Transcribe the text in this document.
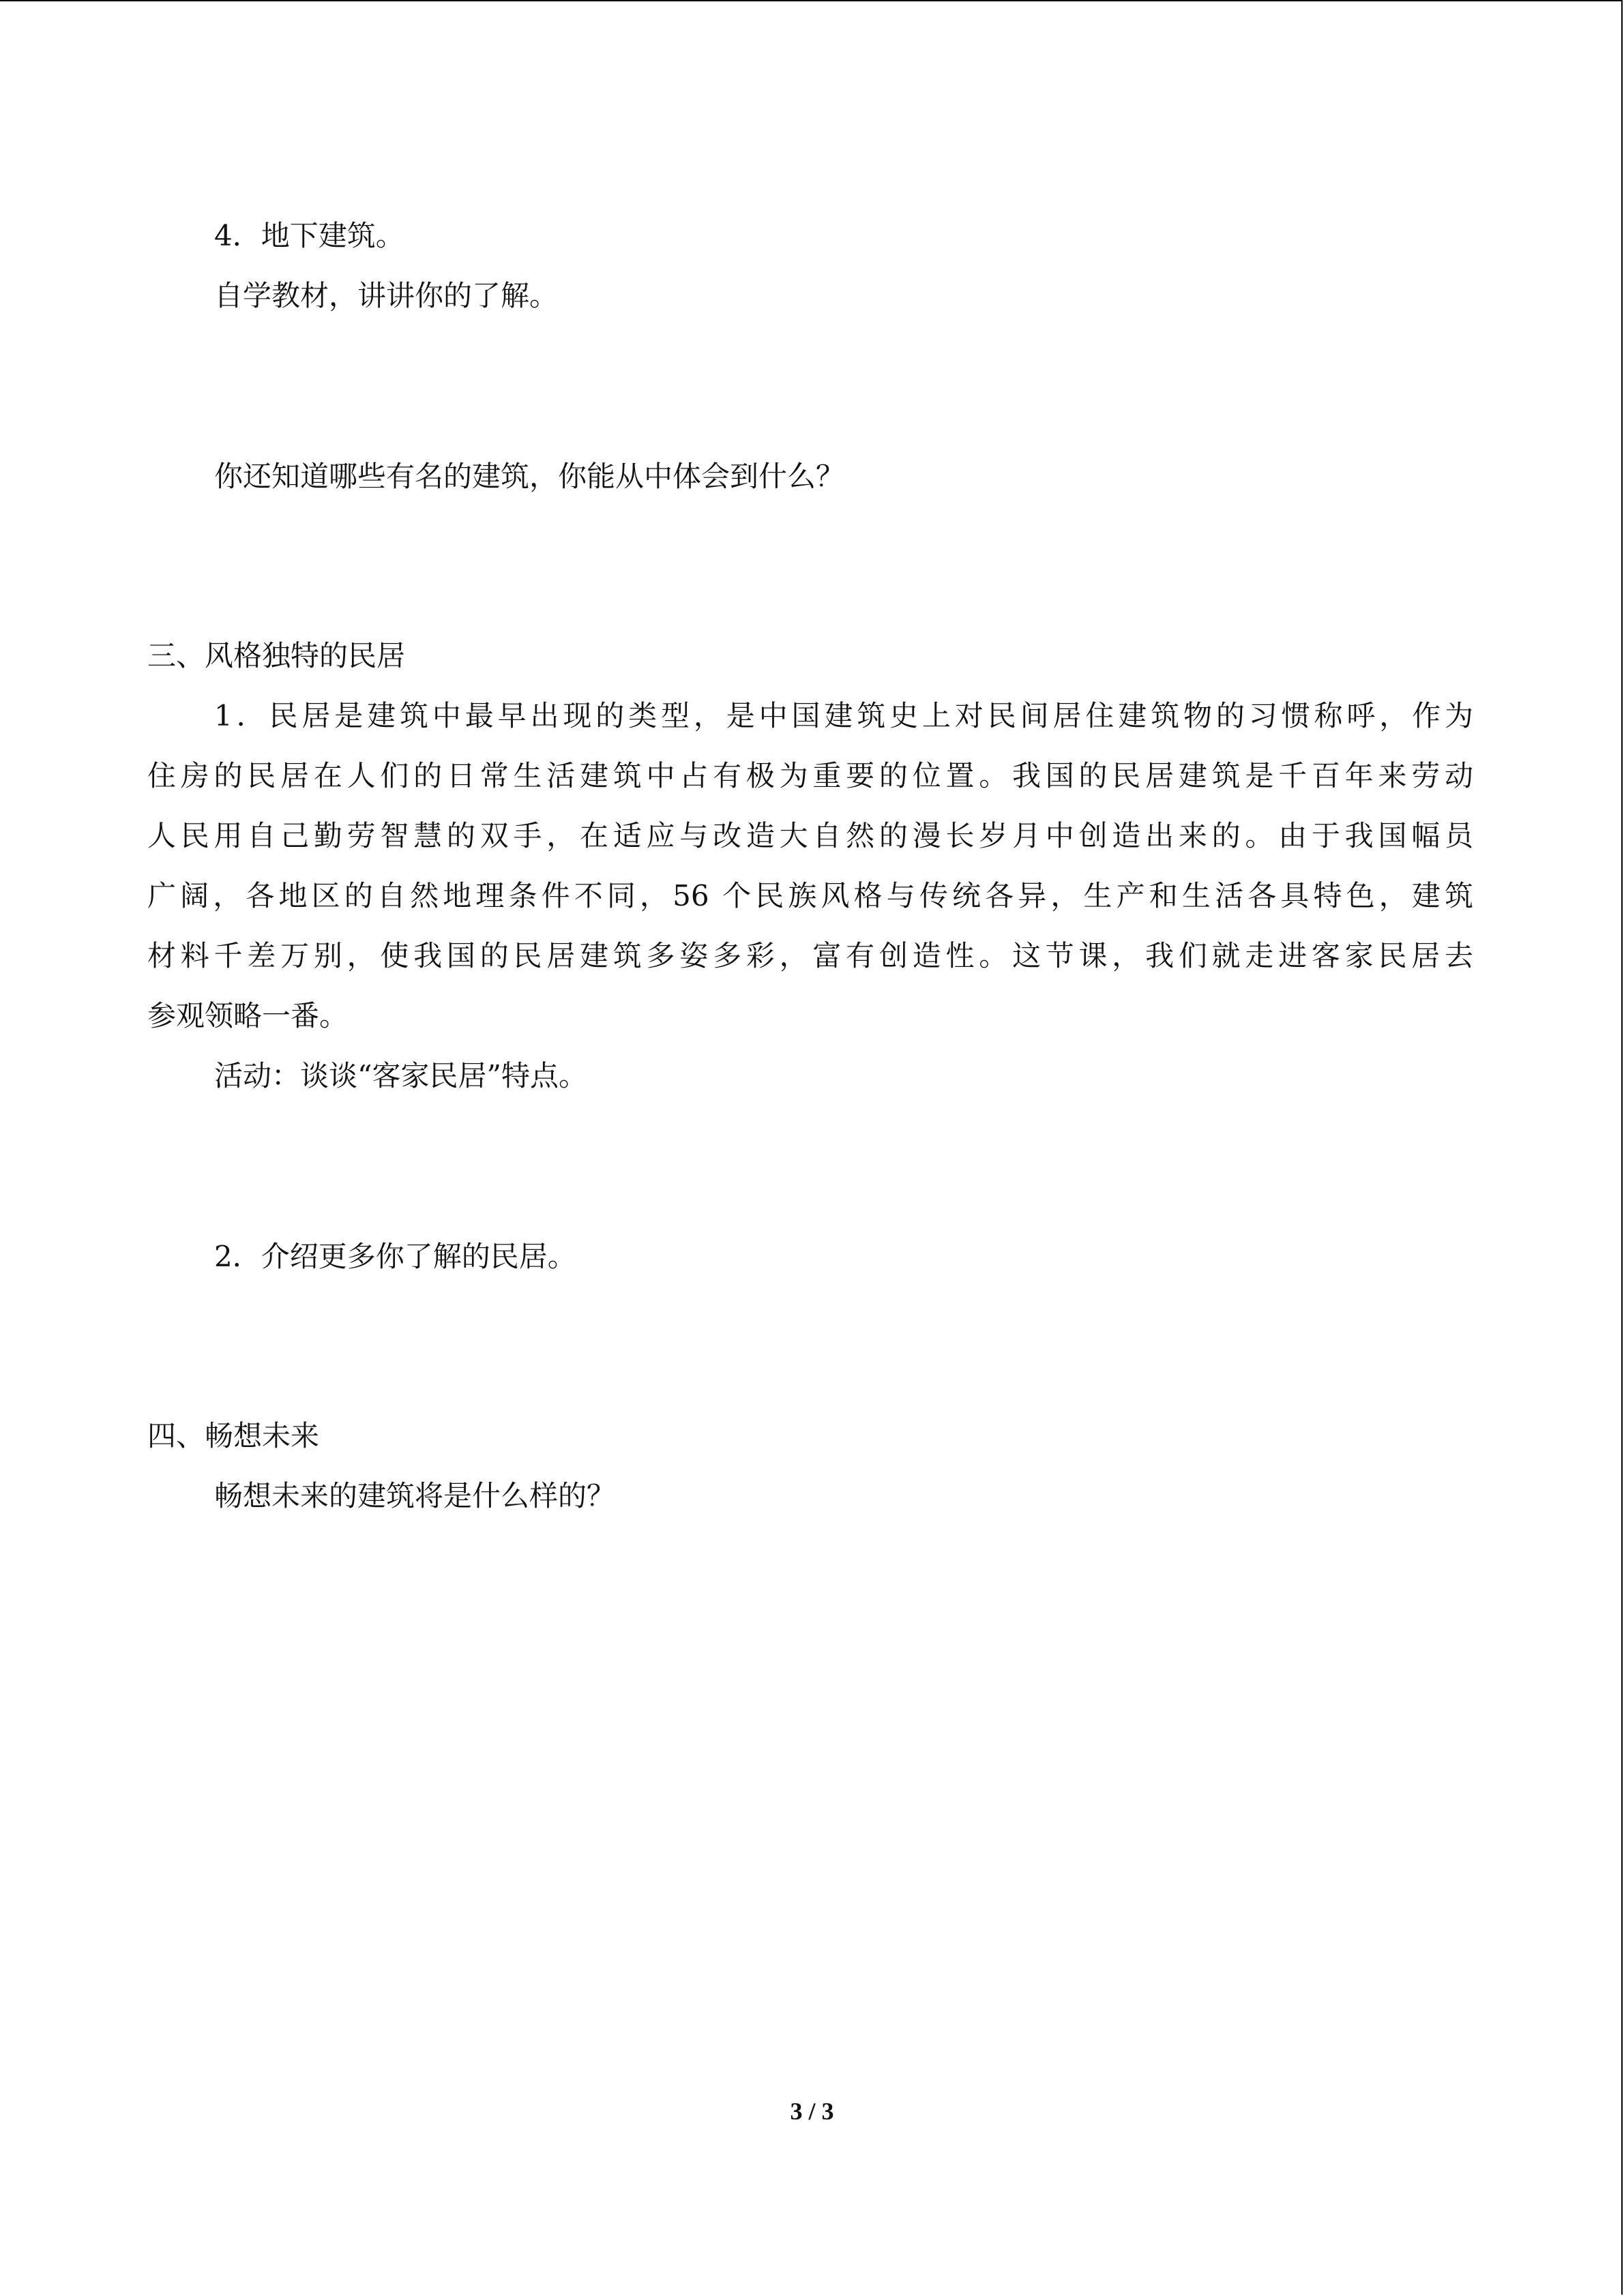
4．地下建筑。
自学教材，讲讲你的了解。
你还知道哪些有名的建筑，你能从中体会到什么？
三、风格独特的民居
1．民居是建筑中最早出现的类型，是中国建筑史上对民间居住建筑物的习惯称呼，作为
住房的民居在人们的日常生活建筑中占有极为重要的位置。我国的民居建筑是千百年来劳动
人民用自己勤劳智慧的双手，在适应与改造大自然的漫长岁月中创造出来的。由于我国幅员
广阔，各地区的自然地理条件不同，56 个民族风格与传统各异，生产和生活各具特色，建筑
材料千差万别，使我国的民居建筑多姿多彩，富有创造性。这节课，我们就走进客家民居去
参观领略一番。
活动：谈谈“客家民居”特点。
2．介绍更多你了解的民居。
四、畅想未来
畅想未来的建筑将是什么样的？
3 / 3
